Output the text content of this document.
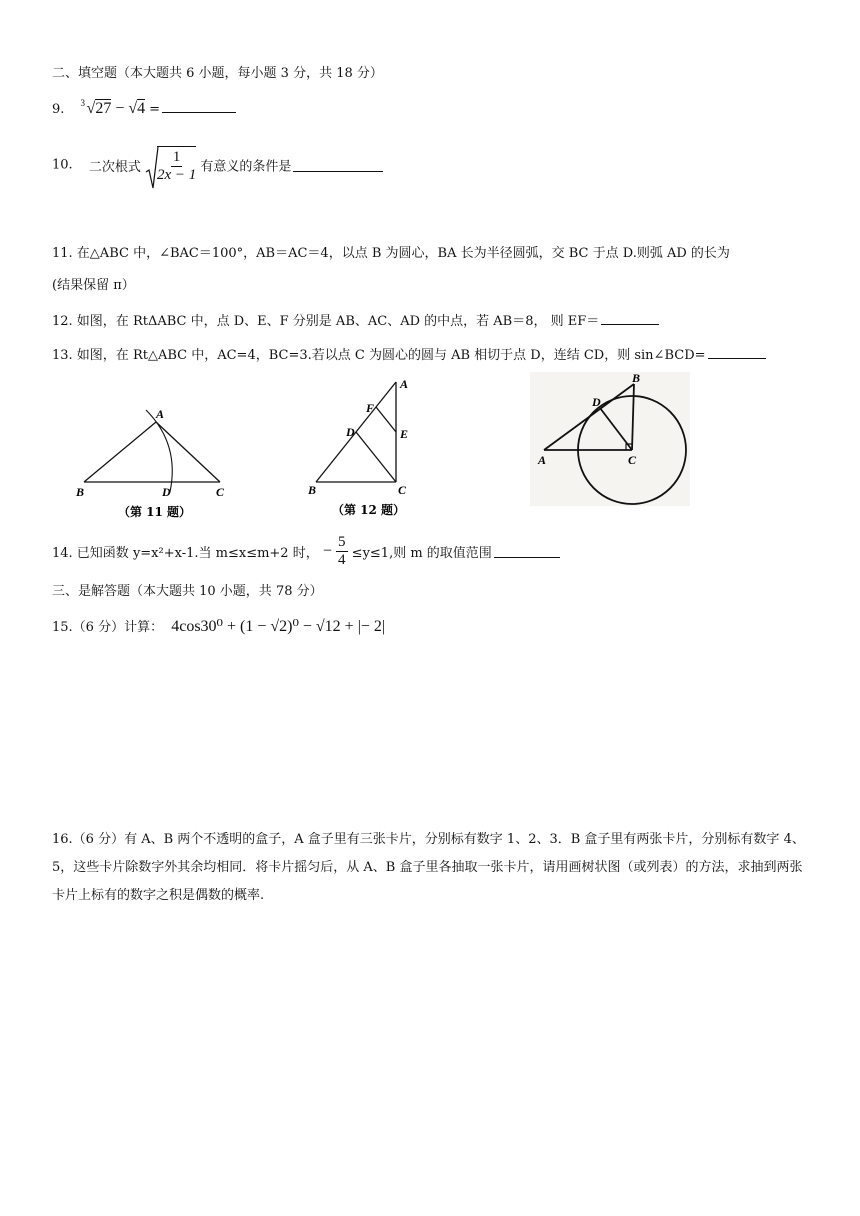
二、填空题（本大题共 6 小题，每小题 3 分，共 18 分）
9. 3 √27 − √4 =
10. 二次根式 $\frac{1}{2x - 1}$ 有意义的条件是
11. 在△ABC 中，∠BAC＝100°，AB＝AC＝4，以点 B 为圆心，BA 长为半径圆弧，交 BC 于点 D.则弧 AD 的长为
(结果保留 π）
12. 如图，在 RtΔABC 中，点 D、E、F 分别是 AB、AC、AD 的中点，若 AB＝8， 则 EF＝
13. 如图，在 Rt△ABC 中，AC=4，BC=3.若以点 C 为圆心的圆与 AB 相切于点 D，连结 CD，则 sin∠BCD=
A
B	D	C
（第 11 题）
A
F
D	E
B	C
（第 12 题）
B
D
A	C
14. 已知函数 y=x²+x-1.当 m≤x≤m+2 时， − $\frac{5}{4} \le y\le 1$,则 m 的取值范围
三、是解答题（本大题共 10 小题，共 78 分）
15.（6 分）计算： 4cos30⁰ + (1 − √2)⁰ − √12 + |− 2|
16.（6 分）有 A、B 两个不透明的盒子，A 盒子里有三张卡片，分别标有数字 1、2、3．B 盒子里有两张卡片，分别标有数字 4、5，这些卡片除数字外其余均相同．将卡片摇匀后，从 A、B 盒子里各抽取一张卡片，请用画树状图（或列表）的方法，求抽到两张卡片上标有的数字之积是偶数的概率.
